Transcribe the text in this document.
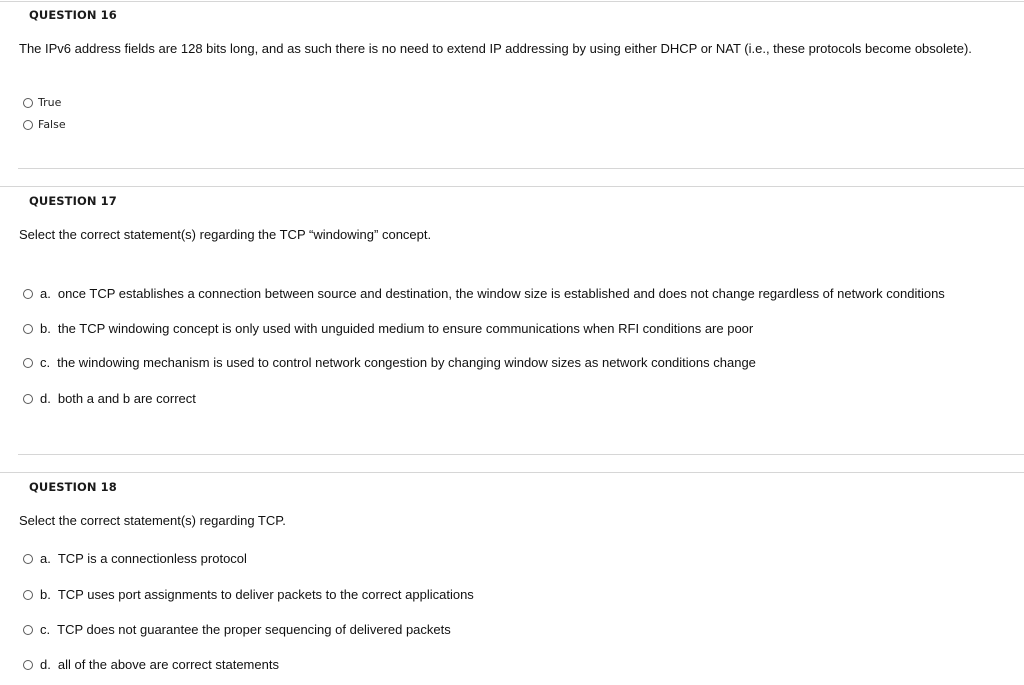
QUESTION 16
The IPv6 address fields are 128 bits long, and as such there is no need to extend IP addressing by using either DHCP or NAT (i.e., these protocols become obsolete).
True
False
QUESTION 17
Select the correct statement(s) regarding the TCP “windowing” concept.
a. once TCP establishes a connection between source and destination, the window size is established and does not change regardless of network conditions
b. the TCP windowing concept is only used with unguided medium to ensure communications when RFI conditions are poor
c. the windowing mechanism is used to control network congestion by changing window sizes as network conditions change
d. both a and b are correct
QUESTION 18
Select the correct statement(s) regarding TCP.
a. TCP is a connectionless protocol
b. TCP uses port assignments to deliver packets to the correct applications
c. TCP does not guarantee the proper sequencing of delivered packets
d. all of the above are correct statements
